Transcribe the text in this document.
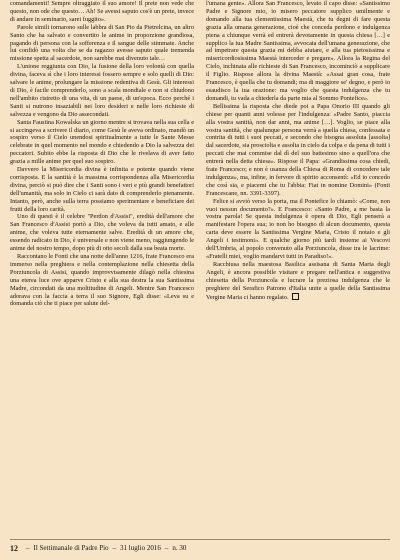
comandamenti! Sempre oltraggiato il suo amore! Il prete non vede che questo, non ode che questo… Ah! Se avessi saputo cos'è un prete, invece di andare in seminario, sarei fuggito».

Parole simili tornarono sulle labbra di San Pio da Pietrelcina, un altro Santo che ha salvato e convertito le anime in proporzione grandiosa, pagando di persona con la sofferenza e il sangue delle stimmate. Anche lui confidò una volta che se da ragazzo avesse saputo quale tremenda missione spetta al sacerdote, non sarebbe mai divenuto tale…

L'unione reggiunta con Dio, la fusione della loro volontà con quella divina, faceva sì che i loro interessi fossero sempre e solo quelli di Dio: salvare le anime, prolungare la missione redentiva di Gesù. Gli interessi di Dio, è facile comprenderlo, sono a scala mondiale e non si chiudono nell'ambito ristretto di una vita, di un paese, di un'epoca. Ecco perché i Santi si nutrono insaziabili nei loro desideri e nelle loro richieste di salvezza e vengono da Dio assecondati.

Santa Faustina Kowalska un giorno mentre si trovava nella sua cella e si accingeva a scrivere il diario, come Gesù le aveva ordinato, mandò un sospiro verso il Cielo unendosi spiritualmente a tutte le Sante Messe celebrate in quel momento nel mondo e chiedendo a Dio la salvezza dei peccatori. Subito ebbe la risposta di Dio che le rivelava di aver fatto grazia a mille anime per quel suo sospiro.

Davvero la Misericordia divina è infinita e potente quando viene corrisposta. E la santità è la massima corrispondenza alla Misericordia divina, perciò si può dire che i Santi sono i veri e più grandi benefattori dell'umanità, ma solo in Cielo ci sarà dato di comprenderlo pienamente. Intanto, però, anche sulla terra possiamo sperimentare e beneficiare dei frutti della loro carità.

Uno di questi è il celebre "Perdon d'Assisi", eredità dell'amore che San Francesco d'Assisi portò a Dio, che voleva da tutti amato, e alle anime, che voleva tutte eternamente salve. Eredità di un amore che, essendo radicato in Dio, è universale e non viene meno, raggiungendo le anime del nostro tempo, dopo più di otto secoli dalla sua beata morte.

Raccontano le Fonti che una notte dell'anno 1216, frate Francesco era immerso nella preghiera e nella contemplazione nella chiesetta della Porziuncola di Assisi, quando improvvisamente dilagò nella chiesina una eterea luce ove apparve Cristo e alla sua destra la sua Santissima Madre, circondati da una moltitudine di Angeli. Mentre San Francesco adorava con la faccia a terra il suo Signore, Egli disse: «Leva su e domanda ciò che ti piace per salute del-

l'umana gente». Allora San Francesco, levato il capo disse: «Santissimo Padre e Signore mio, io misero peccatore supplico umilmente e domando alla tua clementissima Maestà, che tu degni di fare questa grazia alla umana generazione, cioè che conceda perdono e indulgenza piena a chiunque verrà ed entrerà devotamente in questa chiesa […] e supplico la tua Madre Santissima, avvocata dell'umana generazione, che ad impetrare questa grazia mi debba aiutare, e alla tua pietosissima e misericordiosissima Maestà interceder e pregare». Allora la Regina del Cielo, inchinata alle richieste di San Francesco, incominciò a supplicare il Figlio. Rispose allora la divina Maestà: «Assai gran cosa, frate Francesco, è quella che tu domandi; ma di maggiore se' degno, e però io esaudisco la tua orazione: ma voglio che questa indulgenza che tu domandi, tu vada a chiederla da parte mia al Sommo Pontefice».

Bellissima la risposta che diede poi a Papa Onorio III quando gli chiese per quanti anni volesse per l'indulgenza: «Padre Santo, piaccia alla vostra santità, non dar anni, ma anime […]. Voglio, se piace alla vostra santità, che qualunque persona verrà a quella chiesa, confessata e contrita di tutti i suoi peccati, e secondo che bisogna assoluta [assolta] dal sacerdote, sia prosciolta e assolta in cielo da colpa e da pena di tutti i peccati che mai commise dal dì del suo battesimo sino a quell'ora che entrerà nella detta chiesa». Rispose il Papa: «Grandissima cosa chiedi, frate Francesco; e non è usanza della Chiesa di Roma di concedere tale indulgenza», ma, infine, in fervore di spirito acconsentì: «Ed io concedo che così sia, e piacemi che tu l'abbia: Fiat in nomine Domini» (Fonti Francescane, nn. 3391-3397).

Felice si avviò verso la porta, ma il Pontefice lo chiamò: «Come, non vuoi nessun documento?». E Francesco: «Santo Padre, a me basta la vostra parola! Se questa indulgenza è opera di Dio, Egli penserà a manifestare l'opera sua; io non ho bisogno di alcun documento, questa carta deve essere la Santissima Vergine Maria, Cristo il notaio e gli Angeli i testimoni». E qualche giorno più tardi insieme ai Vescovi dell'Umbria, al popolo convenuto alla Porziuncola, disse tra le lacrime: «Fratelli miei, voglio mandarvi tutti in Paradiso!».

Racchiusa nella maestosa Basilica assisana di Santa Maria degli Angeli, è ancora possibile visitare e pregare nell'antica e suggestiva chiesetta della Porziuncola e lucrare la preziosa indulgenza che le preghiere del Serafico Patrono d'Italia unite a quelle della Santissima Vergine Maria ci hanno regalato.

12 – Il Settimanale di Padre Pio – 31 luglio 2016 – n. 30
